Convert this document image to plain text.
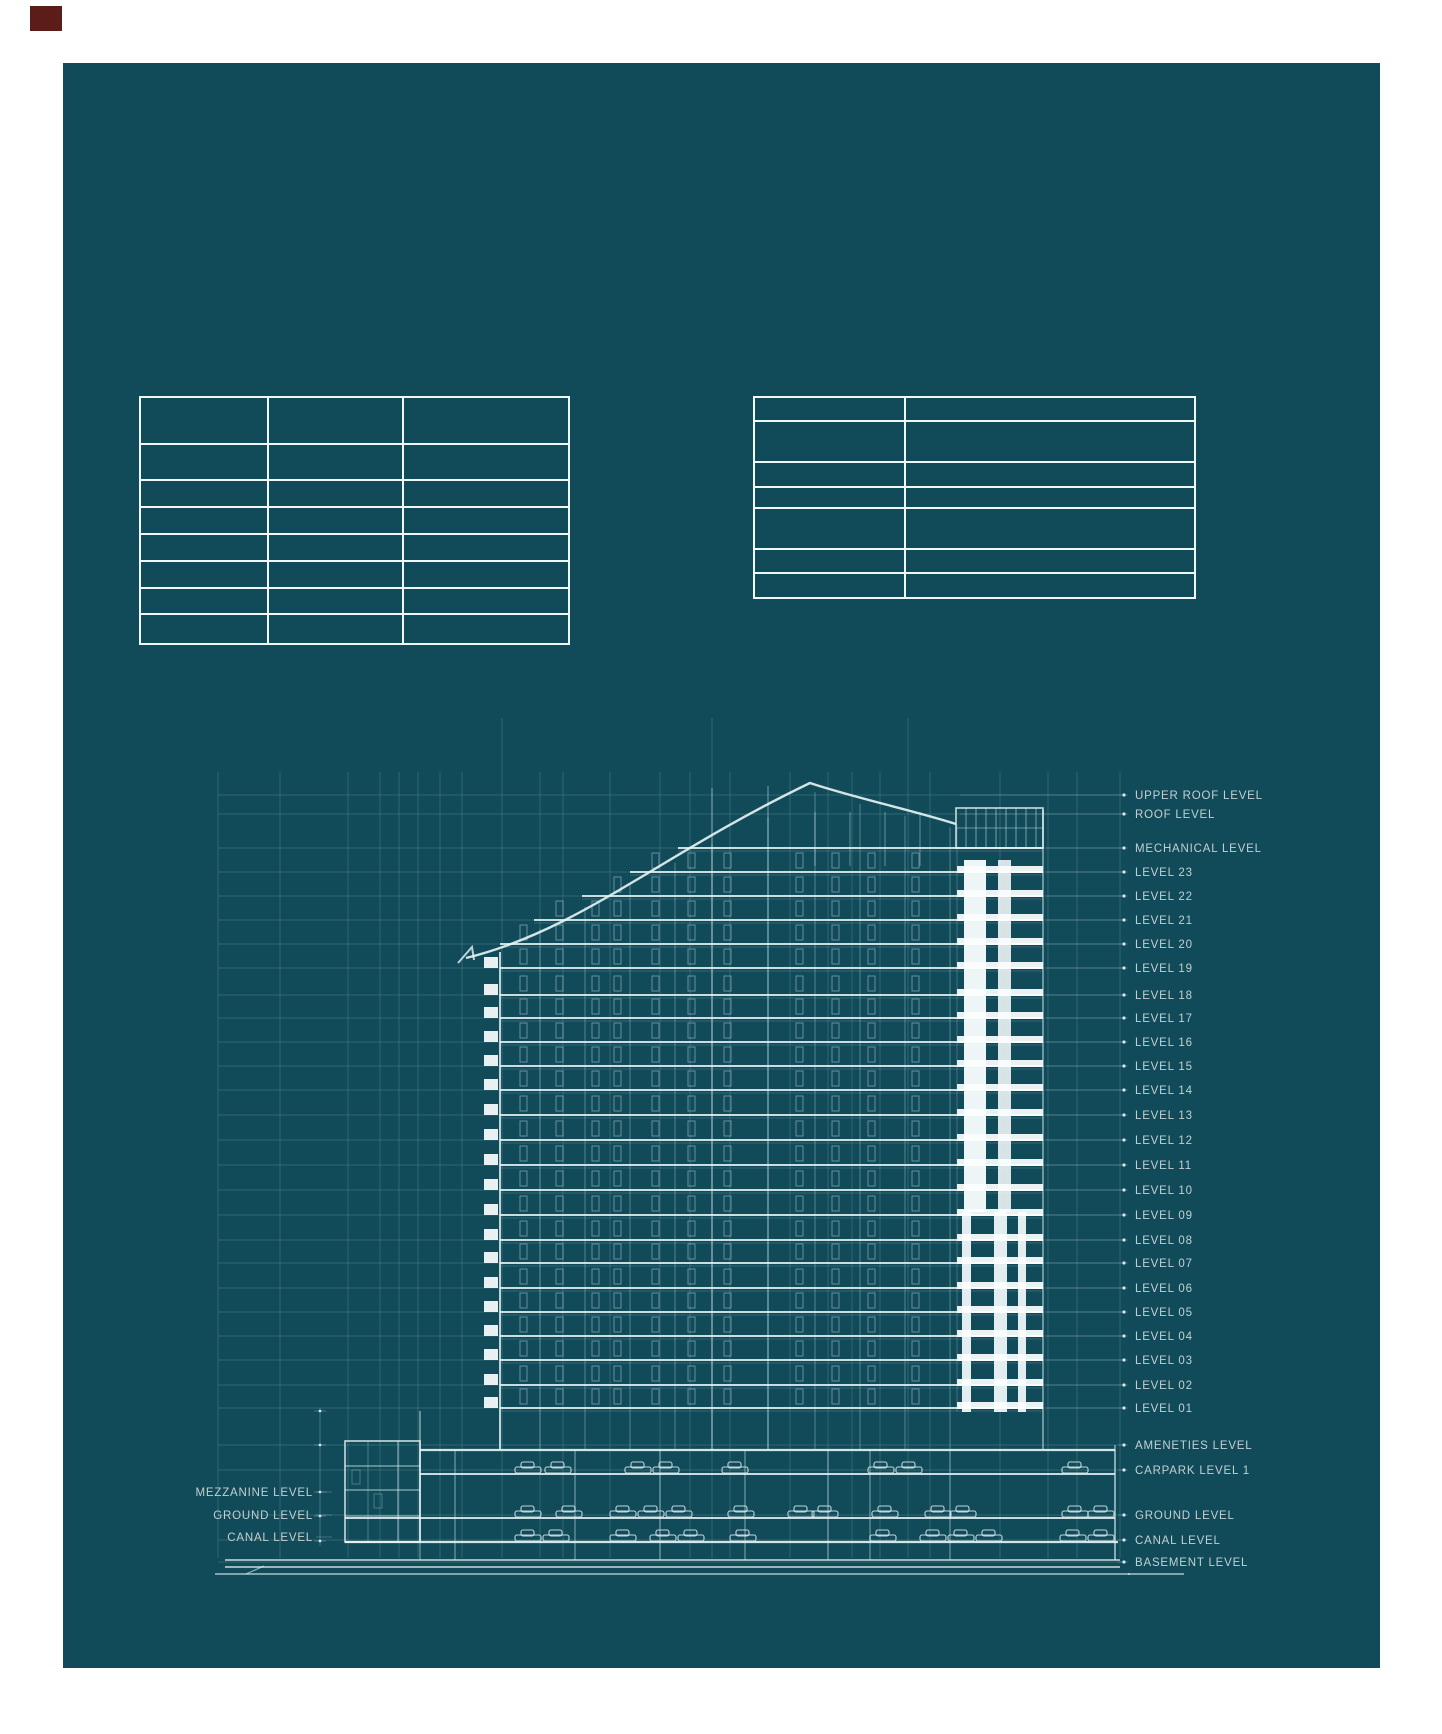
UPPER ROOF LEVEL
ROOF LEVEL
MECHANICAL LEVEL
LEVEL 23
LEVEL 22
LEVEL 21
LEVEL 20
LEVEL 19
LEVEL 18
LEVEL 17
LEVEL 16
LEVEL 15
LEVEL 14
LEVEL 13
LEVEL 12
LEVEL 11
LEVEL 10
LEVEL 09
LEVEL 08
LEVEL 07
LEVEL 06
LEVEL 05
LEVEL 04
LEVEL 03
LEVEL 02
LEVEL 01
AMENETIES LEVEL
CARPARK LEVEL 1
GROUND LEVEL
CANAL LEVEL
BASEMENT LEVEL
MEZZANINE LEVEL
GROUND LEVEL
CANAL LEVEL
